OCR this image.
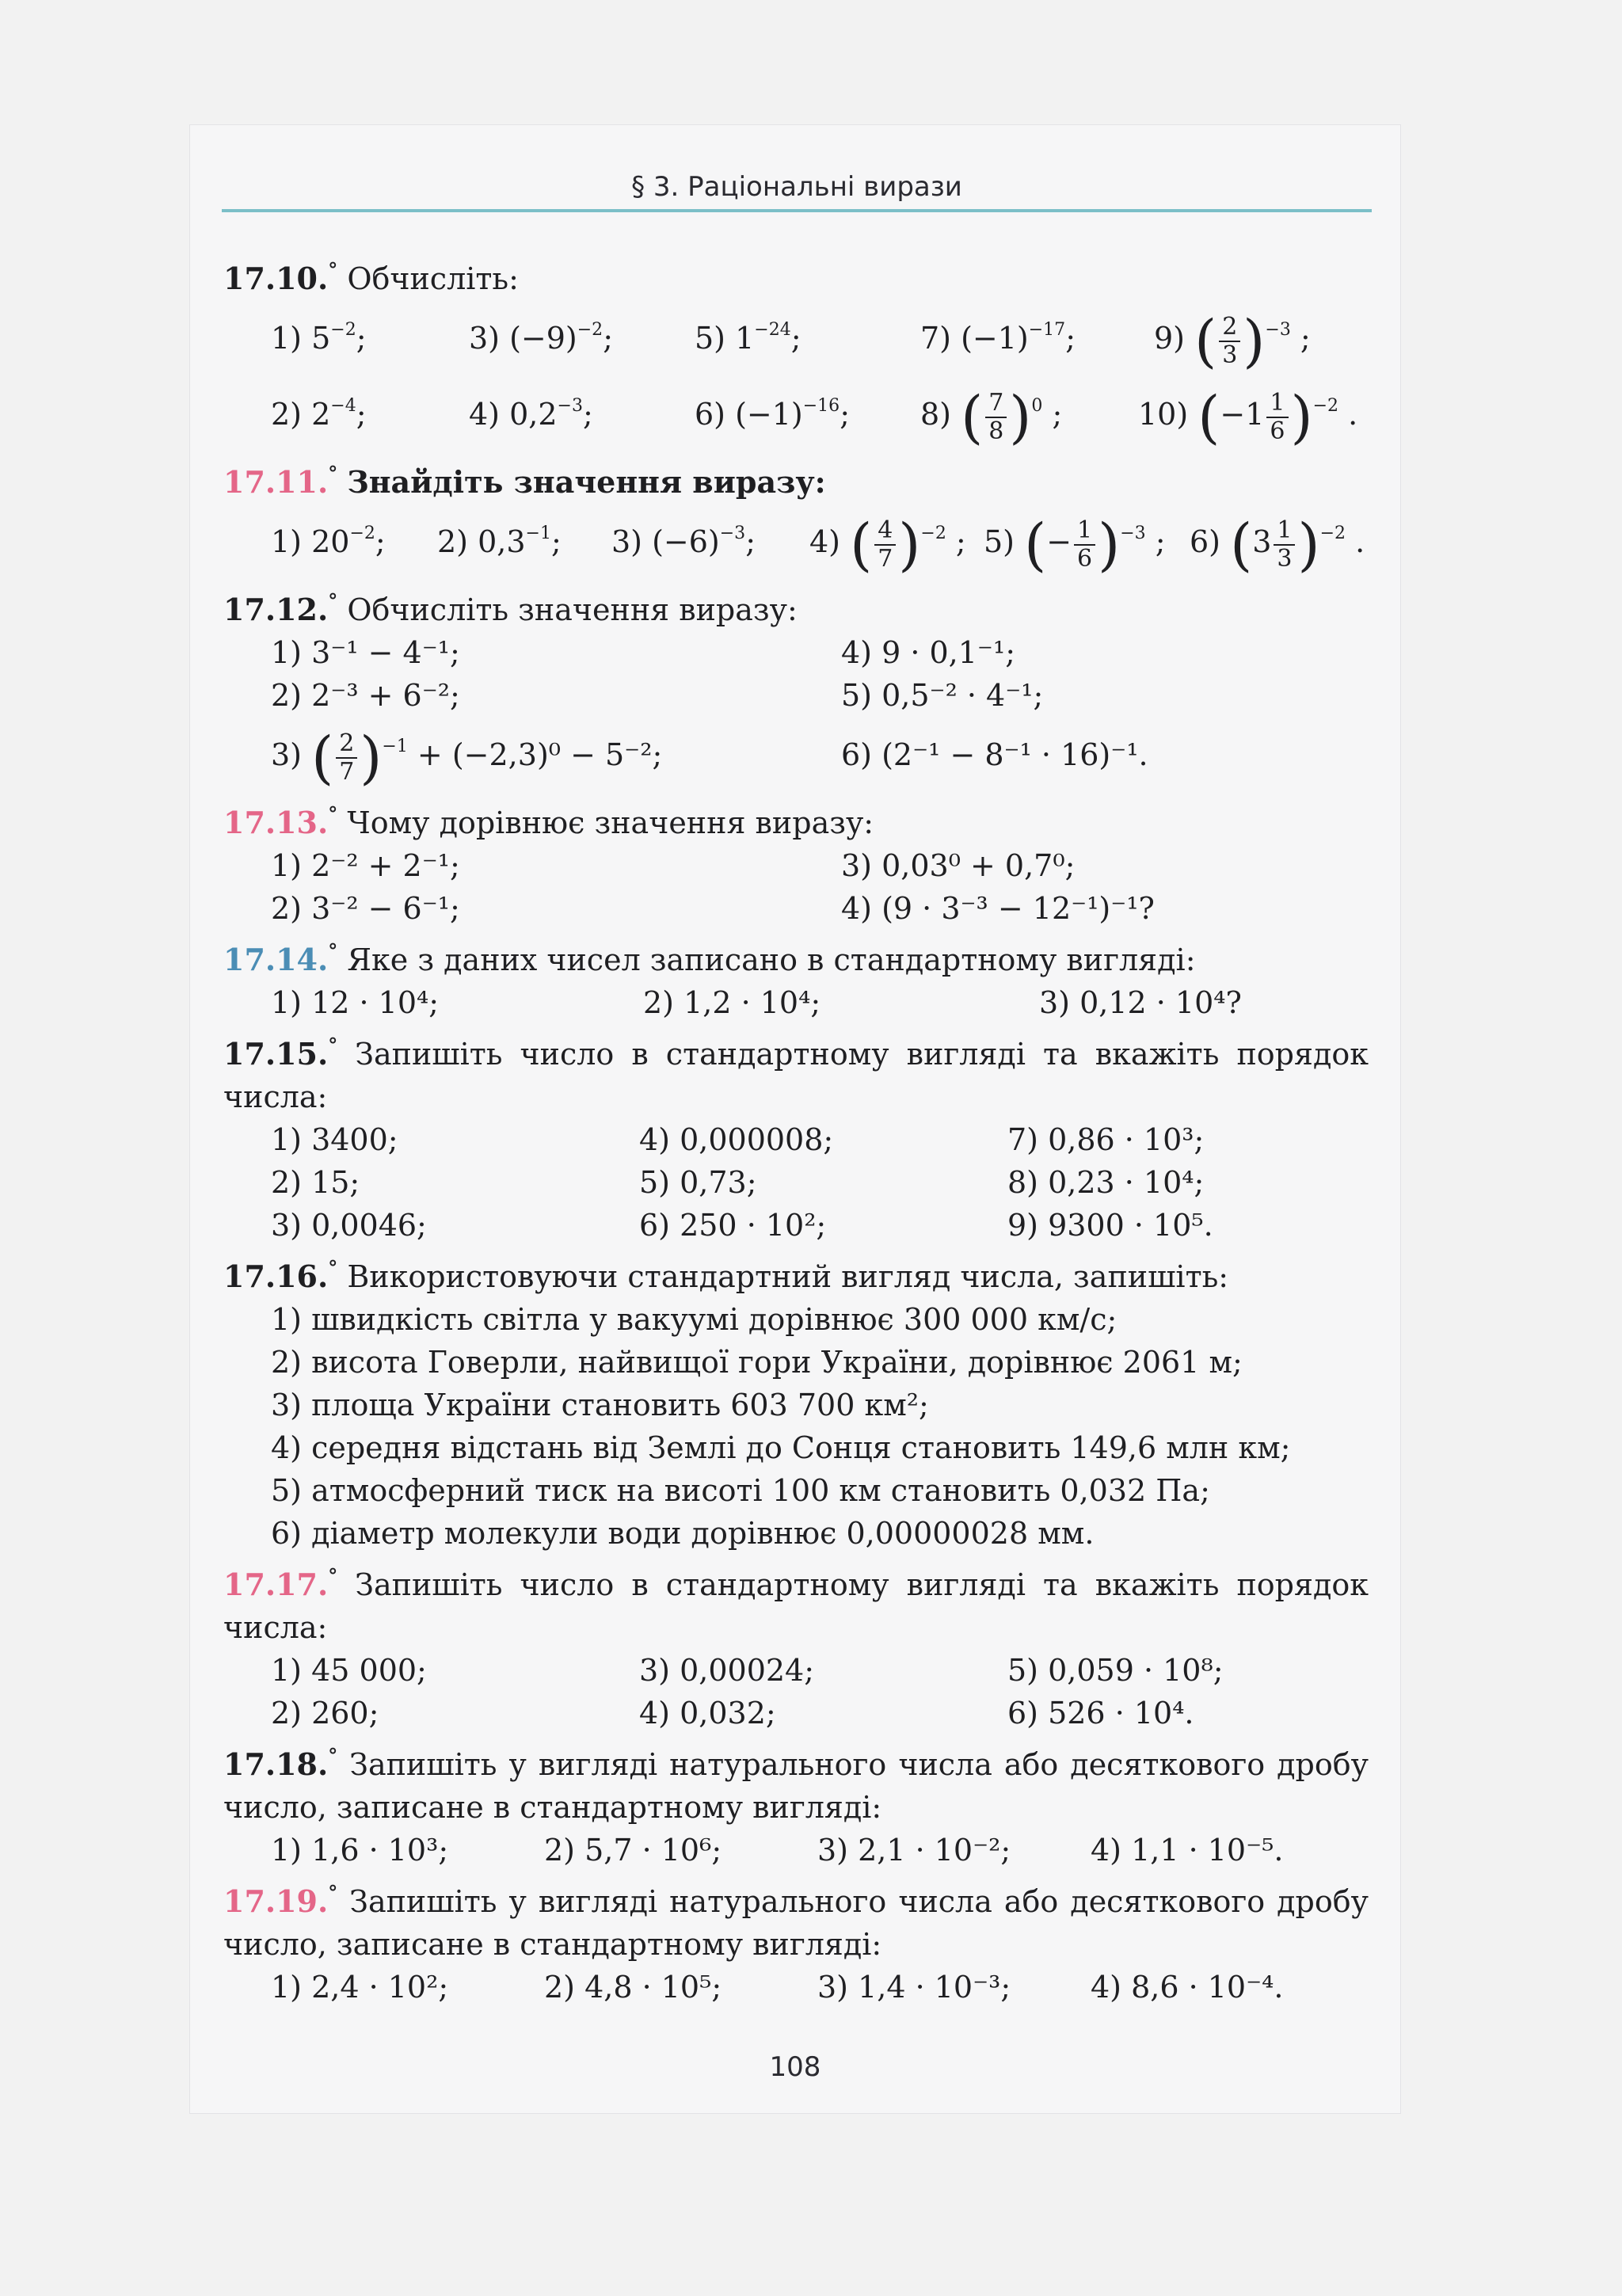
§ 3. Раціональні вирази
17.10.° Обчисліть:
1) $5^{-2}$;	3) $(-9)^{-2}$;	5) $1^{-24}$;	7) $(-1)^{-17}$;	9) ( $\frac{2}{3} )^{-3}$ ;
2) $2^{-4}$;	4) $0,2^{-3}$;	6) $(-1)^{-16}$;	8) ( $\frac{7}{8} )^0$ ;	10) $(-1 \frac{1}{6} )^{-2}$ .
17.11.° Знайдіть значення виразу:
1) $20^{-2}$;	2) $0,3^{-1}$;	3) $(-6)^{-3}$;	4) ( $\frac{4}{7} )^{-2}$ ; 5) (− $\frac{1}{6} )^{-3}$ ; 6) $(3 \frac{1}{3} )^{-2}$ .
17.12.° Обчисліть значення виразу:
1) 3⁻¹ − 4⁻¹;	4) 9 · 0,1⁻¹;
2) 2⁻³ + 6⁻²;	5) 0,5⁻² · 4⁻¹;
3) ( $\frac{2}{7} )^{-1} + (-2,3)^0 - 5^{-2}$;	6) (2⁻¹ − 8⁻¹ · 16)⁻¹.
17.13.° Чому дорівнює значення виразу:
1) 2⁻² + 2⁻¹;	3) 0,03⁰ + 0,7⁰;
2) 3⁻² − 6⁻¹;	4) (9 · 3⁻³ − 12⁻¹)⁻¹?
17.14.° Яке з даних чисел записано в стандартному вигляді:
1) 12 · 10⁴;	2) 1,2 · 10⁴;	3) 0,12 · 10⁴?
17.15.° Запишіть число в стандартному вигляді та вкажіть порядок числа:
1) 3400;	4) 0,000008;	7) 0,86 · 10³;
2) 15;	5) 0,73;	8) 0,23 · 10⁴;
3) 0,0046;	6) 250 · 10²;	9) 9300 · 10⁵.
17.16.° Використовуючи стандартний вигляд числа, запишіть:
1) швидкість світла у вакуумі дорівнює 300 000 км/с;
2) висота Говерли, найвищої гори України, дорівнює 2061 м;
3) площа України становить 603 700 км²;
4) середня відстань від Землі до Сонця становить 149,6 млн км;
5) атмосферний тиск на висоті 100 км становить 0,032 Па;
6) діаметр молекули води дорівнює 0,00000028 мм.
17.17.° Запишіть число в стандартному вигляді та вкажіть порядок числа:
1) 45 000;	3) 0,00024;	5) 0,059 · 10⁸;
2) 260;	4) 0,032;	6) 526 · 10⁴.
17.18.° Запишіть у вигляді натурального числа або десяткового дробу число, записане в стандартному вигляді:
1) 1,6 · 10³;	2) 5,7 · 10⁶;	3) 2,1 · 10⁻²;	4) 1,1 · 10⁻⁵.
17.19.° Запишіть у вигляді натурального числа або десяткового дробу число, записане в стандартному вигляді:
1) 2,4 · 10²;	2) 4,8 · 10⁵;	3) 1,4 · 10⁻³;	4) 8,6 · 10⁻⁴.
108
